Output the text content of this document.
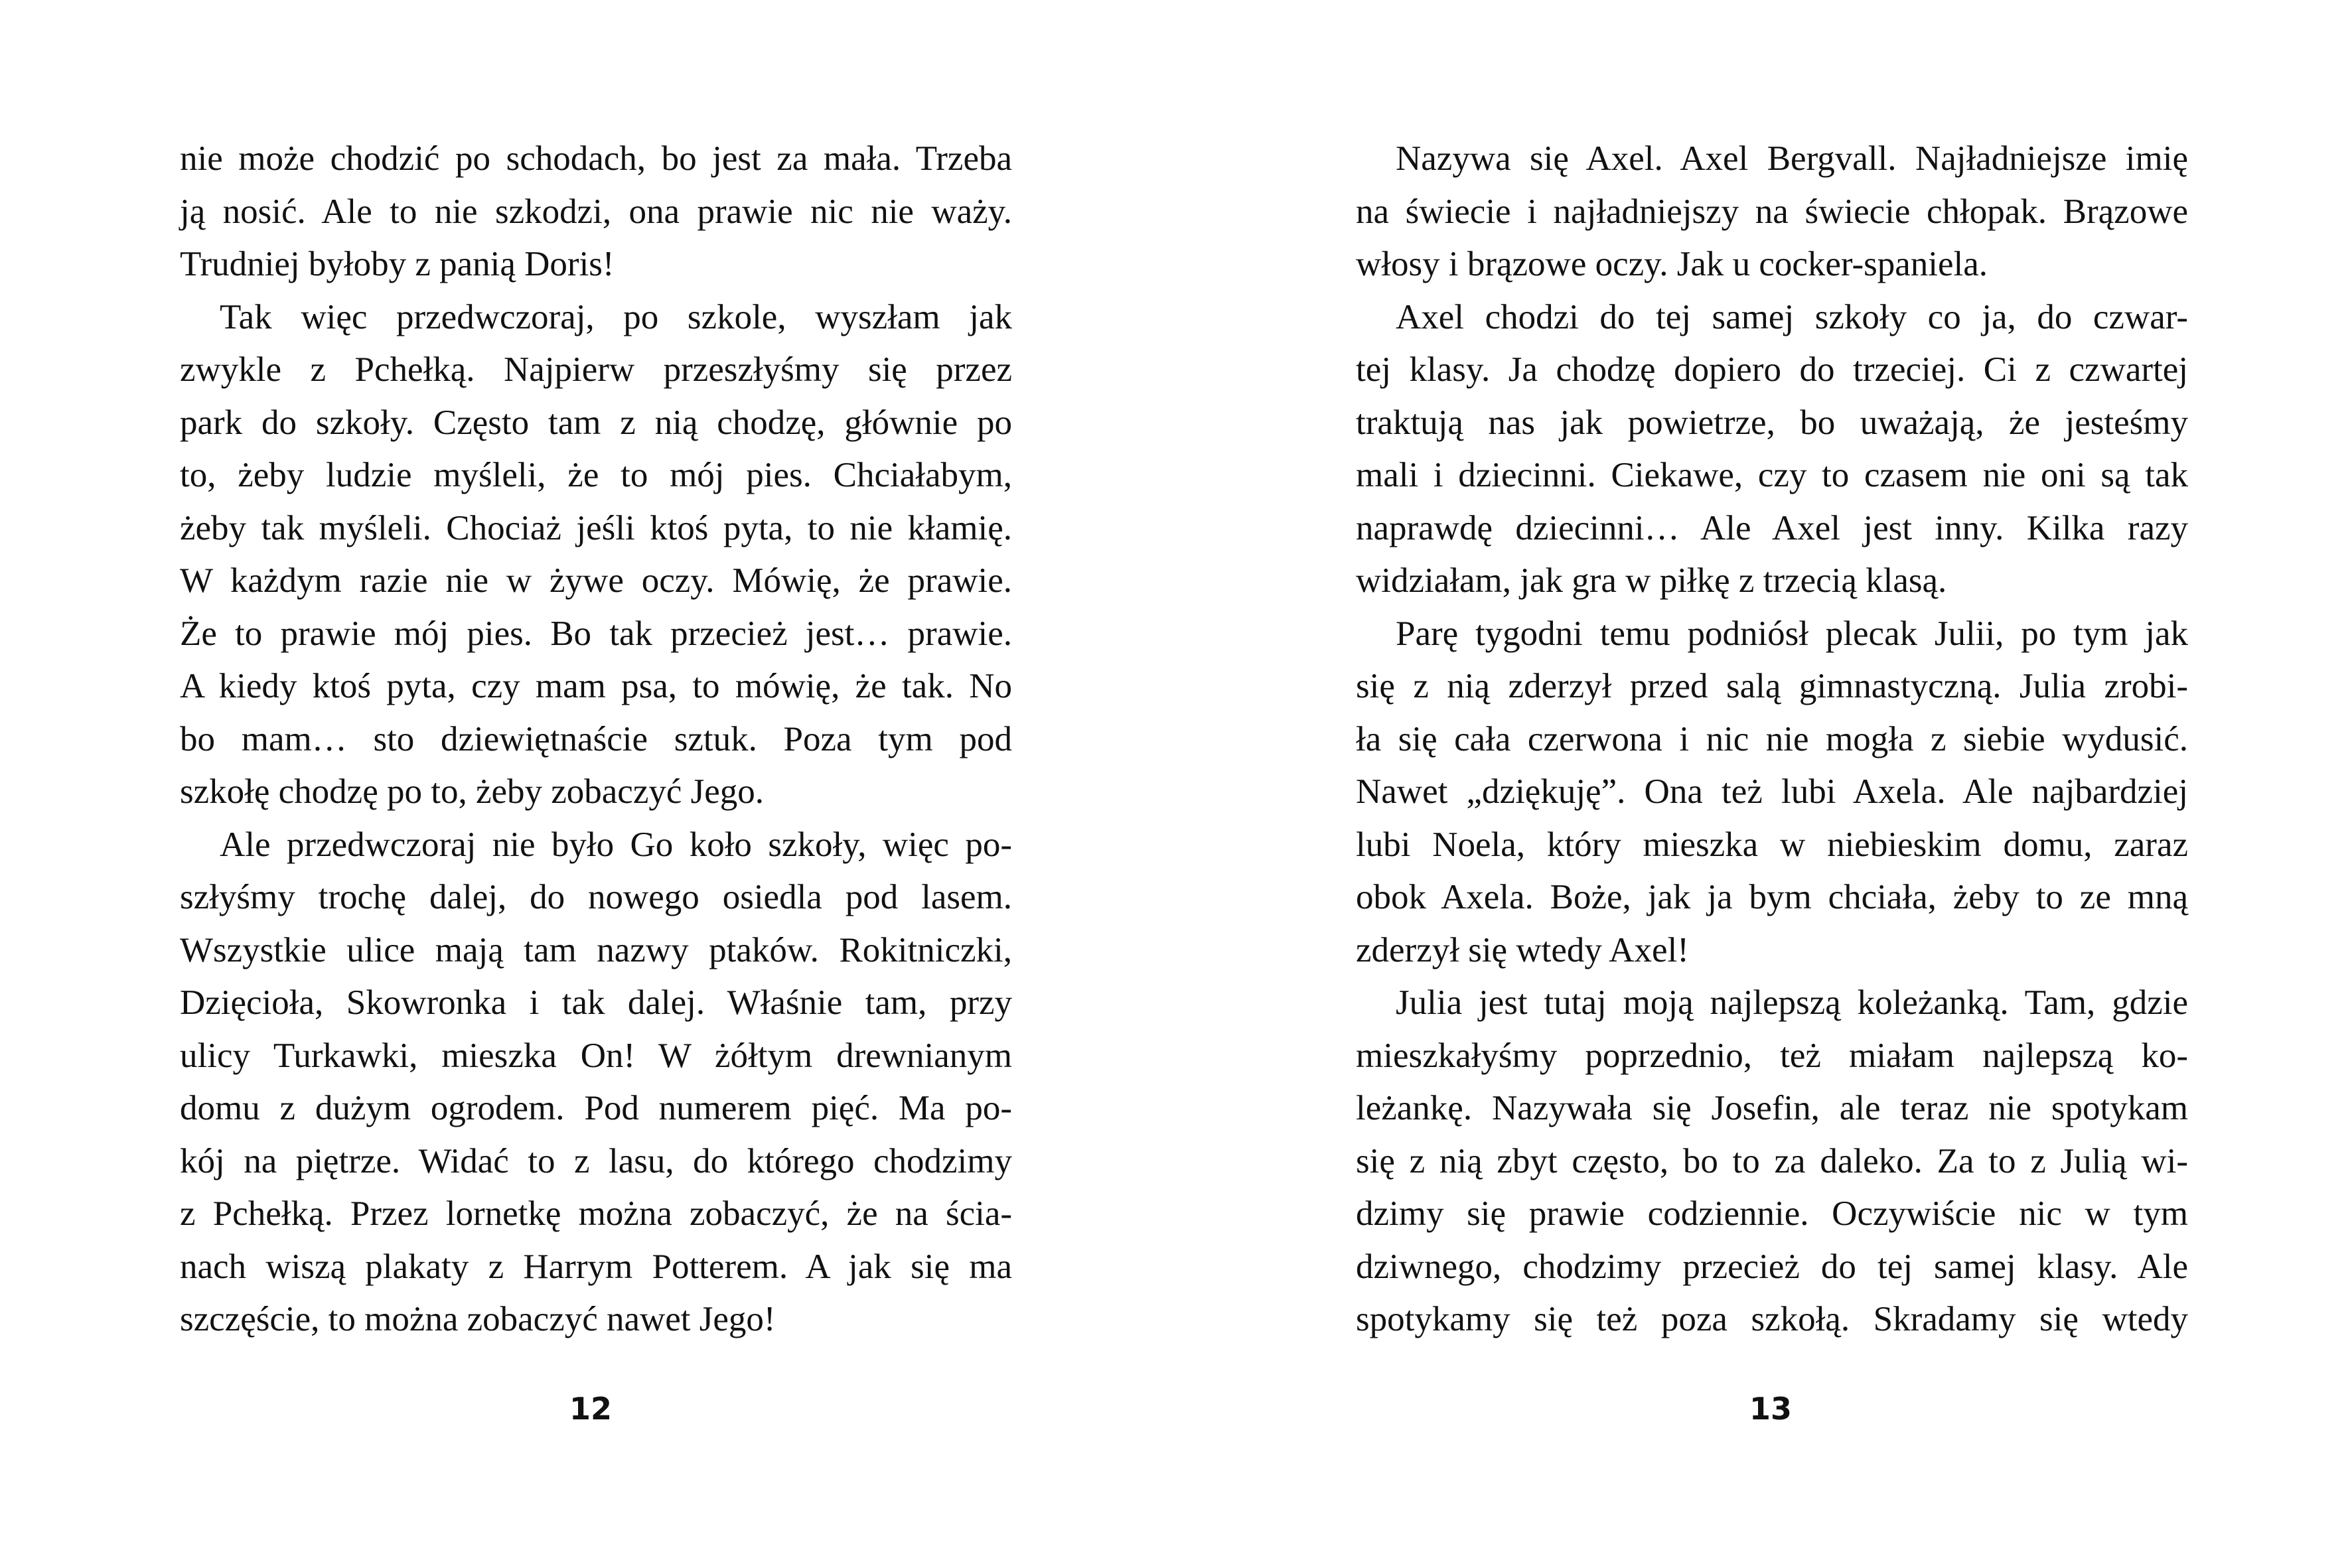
nie może chodzić po schodach, bo jest za mała. Trzeba
ją nosić. Ale to nie szkodzi, ona prawie nic nie waży.
Trudniej byłoby z panią Doris!
Tak więc przedwczoraj, po szkole, wyszłam jak
zwykle z Pchełką. Najpierw przeszłyśmy się przez
park do szkoły. Często tam z nią chodzę, głównie po
to, żeby ludzie myśleli, że to mój pies. Chciałabym,
żeby tak myśleli. Chociaż jeśli ktoś pyta, to nie kłamię.
W każdym razie nie w żywe oczy. Mówię, że prawie.
Że to prawie mój pies. Bo tak przecież jest… prawie.
A kiedy ktoś pyta, czy mam psa, to mówię, że tak. No
bo mam… sto dziewiętnaście sztuk. Poza tym pod
szkołę chodzę po to, żeby zobaczyć Jego.
Ale przedwczoraj nie było Go koło szkoły, więc po-
szłyśmy trochę dalej, do nowego osiedla pod lasem.
Wszystkie ulice mają tam nazwy ptaków. Rokitniczki,
Dzięcioła, Skowronka i tak dalej. Właśnie tam, przy
ulicy Turkawki, mieszka On! W żółtym drewnianym
domu z dużym ogrodem. Pod numerem pięć. Ma po-
kój na piętrze. Widać to z lasu, do którego chodzimy
z Pchełką. Przez lornetkę można zobaczyć, że na ścia-
nach wiszą plakaty z Harrym Potterem. A jak się ma
szczęście, to można zobaczyć nawet Jego!
12
Nazywa się Axel. Axel Bergvall. Najładniejsze imię
na świecie i najładniejszy na świecie chłopak. Brązowe
włosy i brązowe oczy. Jak u cocker-spaniela.
Axel chodzi do tej samej szkoły co ja, do czwar-
tej klasy. Ja chodzę dopiero do trzeciej. Ci z czwartej
traktują nas jak powietrze, bo uważają, że jesteśmy
mali i dziecinni. Ciekawe, czy to czasem nie oni są tak
naprawdę dziecinni… Ale Axel jest inny. Kilka razy
widziałam, jak gra w piłkę z trzecią klasą.
Parę tygodni temu podniósł plecak Julii, po tym jak
się z nią zderzył przed salą gimnastyczną. Julia zrobi-
ła się cała czerwona i nic nie mogła z siebie wydusić.
Nawet „dziękuję”. Ona też lubi Axela. Ale najbardziej
lubi Noela, który mieszka w niebieskim domu, zaraz
obok Axela. Boże, jak ja bym chciała, żeby to ze mną
zderzył się wtedy Axel!
Julia jest tutaj moją najlepszą koleżanką. Tam, gdzie
mieszkałyśmy poprzednio, też miałam najlepszą ko-
leżankę. Nazywała się Josefin, ale teraz nie spotykam
się z nią zbyt często, bo to za daleko. Za to z Julią wi-
dzimy się prawie codziennie. Oczywiście nic w tym
dziwnego, chodzimy przecież do tej samej klasy. Ale
spotykamy się też poza szkołą. Skradamy się wtedy
13
